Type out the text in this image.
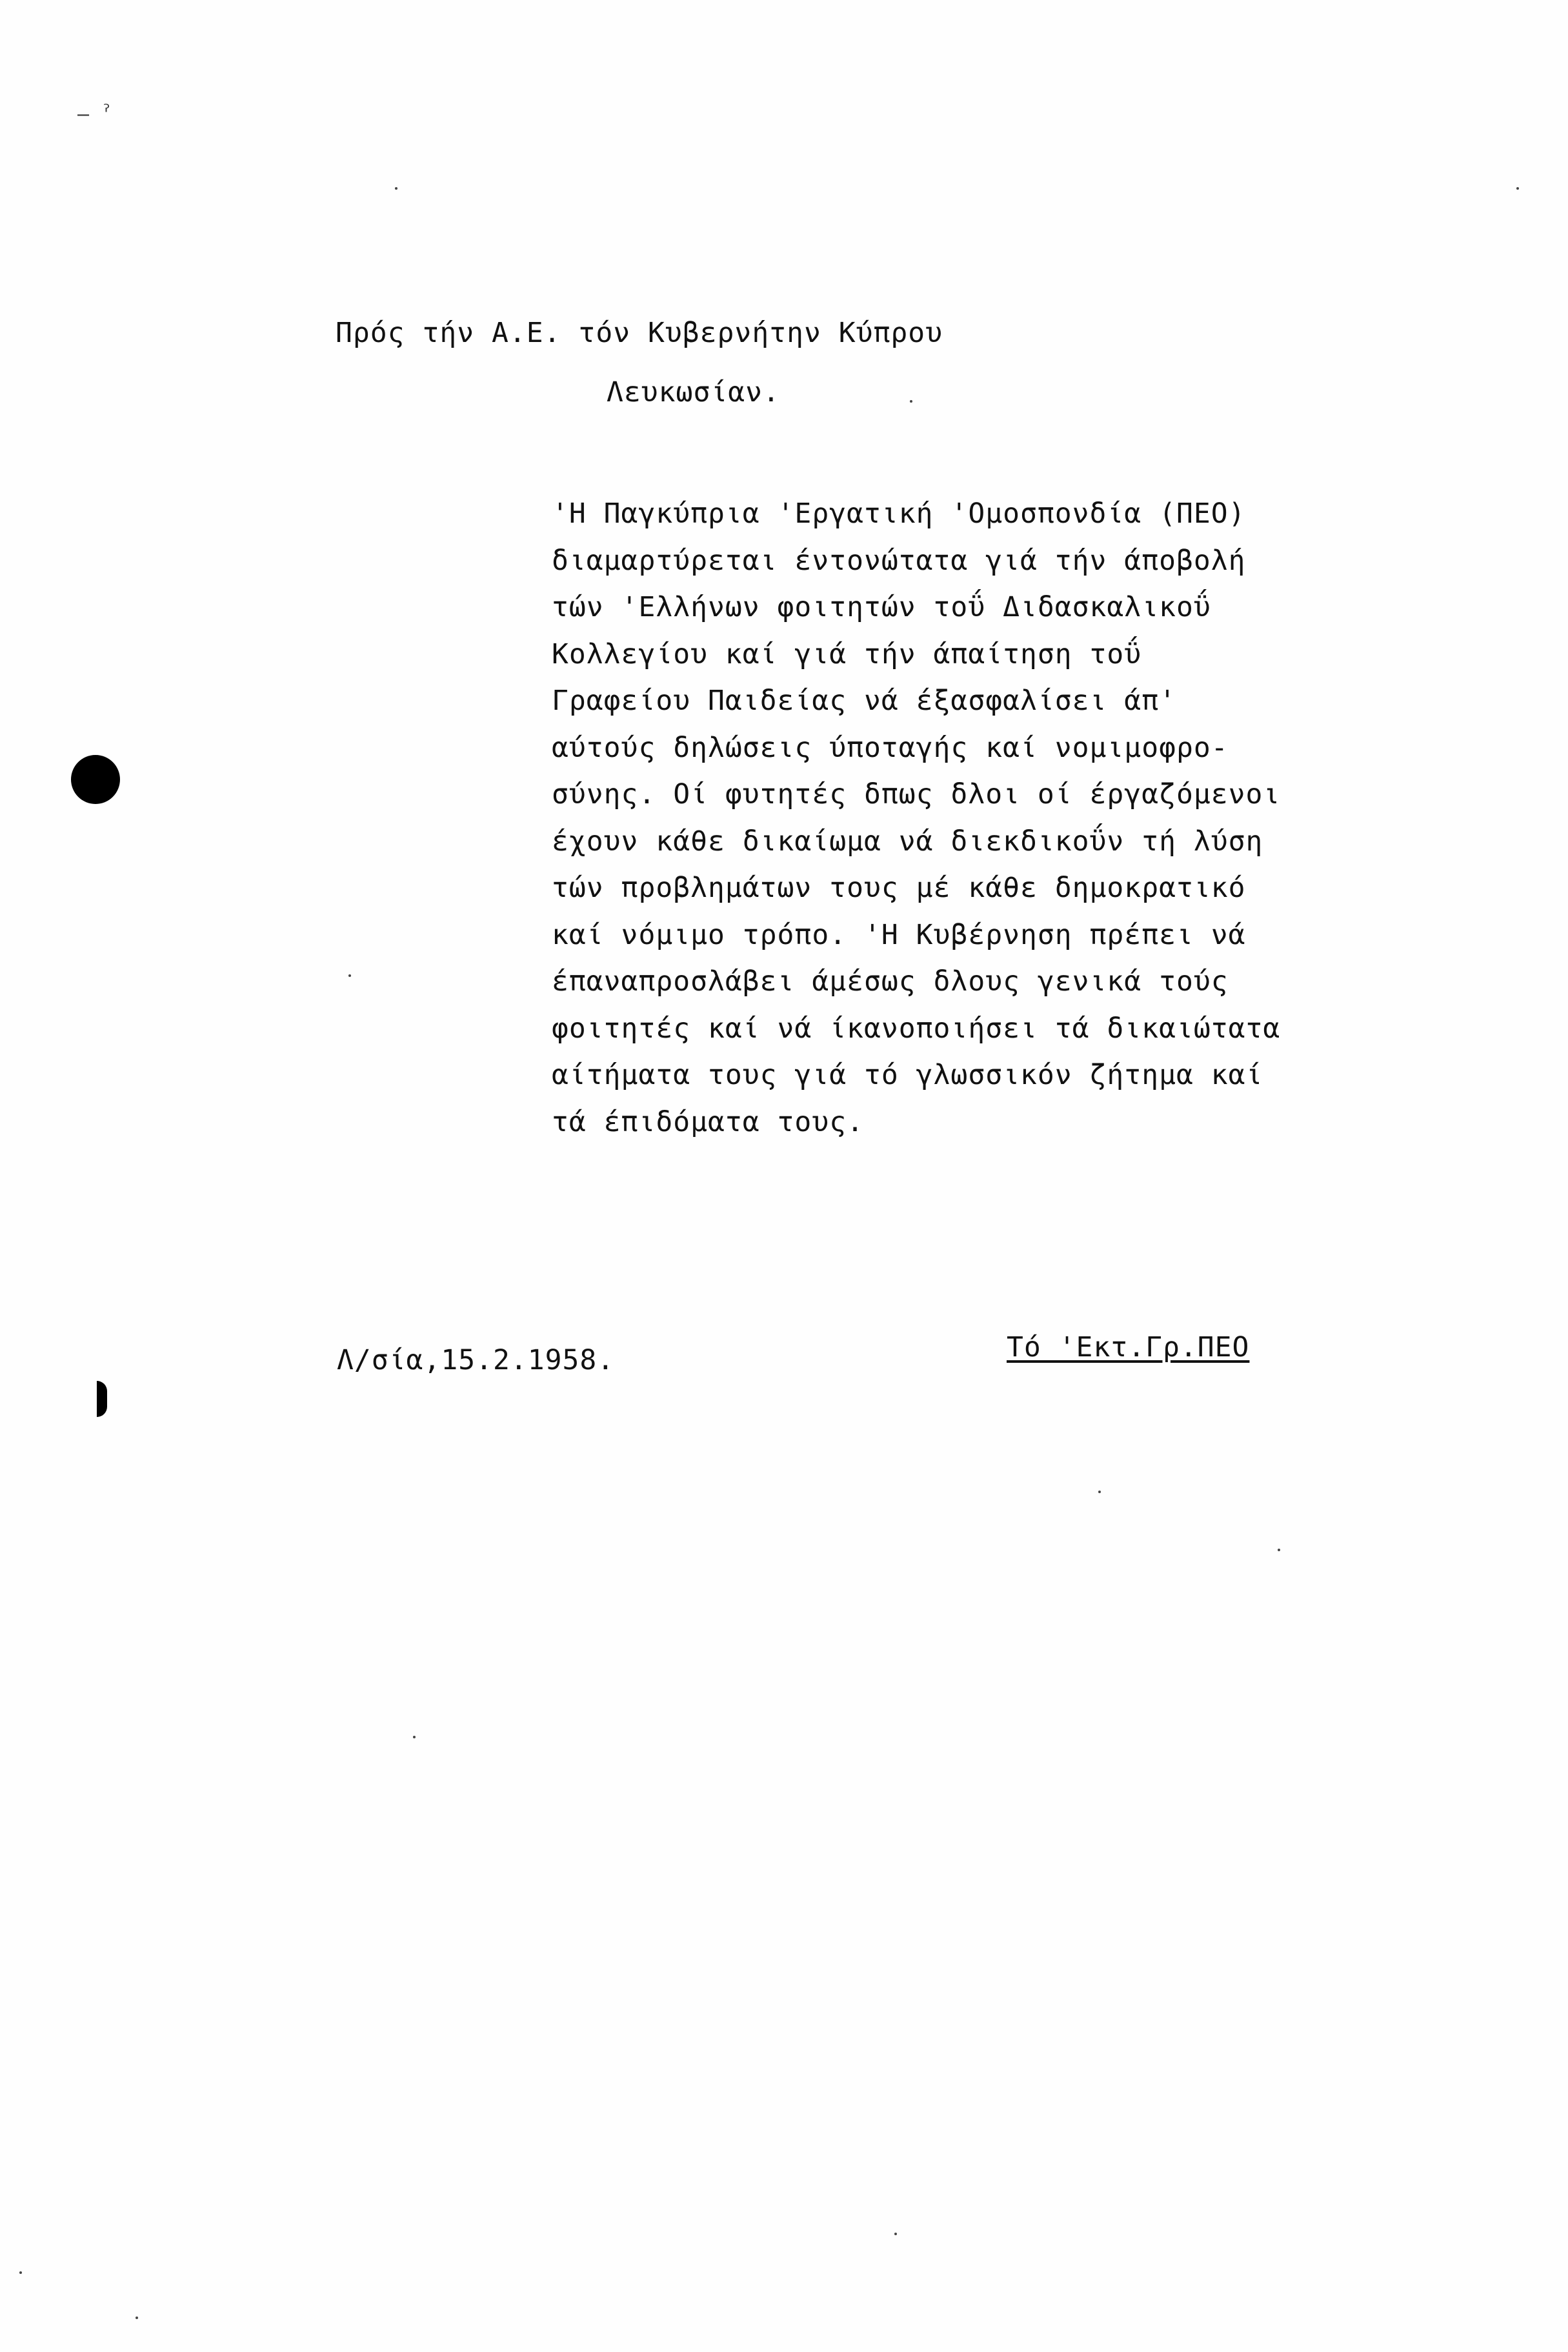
– ˀ
Πρός τήν Α.Ε. τόν Κυβερνήτην Κύπρου
Λευκωσίαν.
'Η Παγκύπρια 'Εργατική 'Ομοσπονδία (ΠΕΟ)
διαμαρτύρεται έντονώτατα γιά τήν άποβολή
τών 'Ελλήνων φοιτητών τοΰ Διδασκαλικοΰ
Κολλεγίου καί γιά τήν άπαίτηση τοΰ
Γραφείου Παιδείας νά έξασφαλίσει άπ'
αύτούς δηλώσεις ύποταγής καί νομιμοφρο-
σύνης. Οί φυτητές δπως δλοι οί έργαζόμενοι
έχουν κάθε δικαίωμα νά διεκδικοΰν τή λύση
τών προβλημάτων τους μέ κάθε δημοκρατικό
καί νόμιμο τρόπο. 'Η Κυβέρνηση πρέπει νά
έπαναπροσλάβει άμέσως δλους γενικά τούς
φοιτητές καί νά ίκανοποιήσει τά δικαιώτατα
αίτήματα τους γιά τό γλωσσικόν ζήτημα καί
τά έπιδόματα τους.
Λ/σία,15.2.1958.	Τό 'Εκτ.Γρ.ΠΕΟ
